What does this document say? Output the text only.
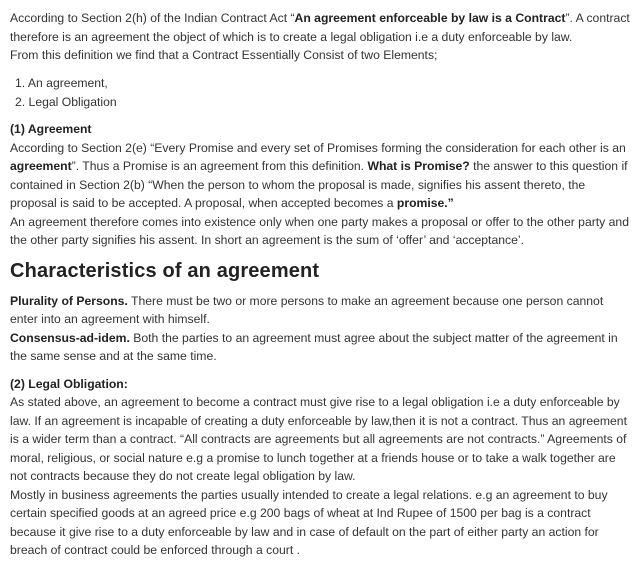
According to Section 2(h) of the Indian Contract Act “An agreement enforceable by law is a Contract”. A contract therefore is an agreement the object of which is to create a legal obligation i.e a duty enforceable by law.

From this definition we find that a Contract Essentially Consist of two Elements;

1. An agreement,
2. Legal Obligation

(1) Agreement

According to Section 2(e) “Every Promise and every set of Promises forming the consideration for each other is an agreement”. Thus a Promise is an agreement from this definition. What is Promise? the answer to this question if contained in Section 2(b) “When the person to whom the proposal is made, signifies his assent thereto, the proposal is said to be accepted. A proposal, when accepted becomes a promise.”

An agreement therefore comes into existence only when one party makes a proposal or offer to the other party and the other party signifies his assent. In short an agreement is the sum of ‘offer’ and ‘acceptance’.

Characteristics of an agreement

Plurality of Persons. There must be two or more persons to make an agreement because one person cannot enter into an agreement with himself.

Consensus-ad-idem. Both the parties to an agreement must agree about the subject matter of the agreement in the same sense and at the same time.

(2) Legal Obligation:

As stated above, an agreement to become a contract must give rise to a legal obligation i.e a duty enforceable by law. If an agreement is incapable of creating a duty enforceable by law,then it is not a contract. Thus an agreement is a wider term than a contract. “All contracts are agreements but all agreements are not contracts.” Agreements of moral, religious, or social nature e.g a promise to lunch together at a friends house or to take a walk together are not contracts because they do not create legal obligation by law.

Mostly in business agreements the parties usually intended to create a legal relations. e.g an agreement to buy certain specified goods at an agreed price e.g 200 bags of wheat at Ind Rupee of 1500 per bag is a contract because it give rise to a duty enforceable by law and in case of default on the part of either party an action for breach of contract could be enforced through a court .
